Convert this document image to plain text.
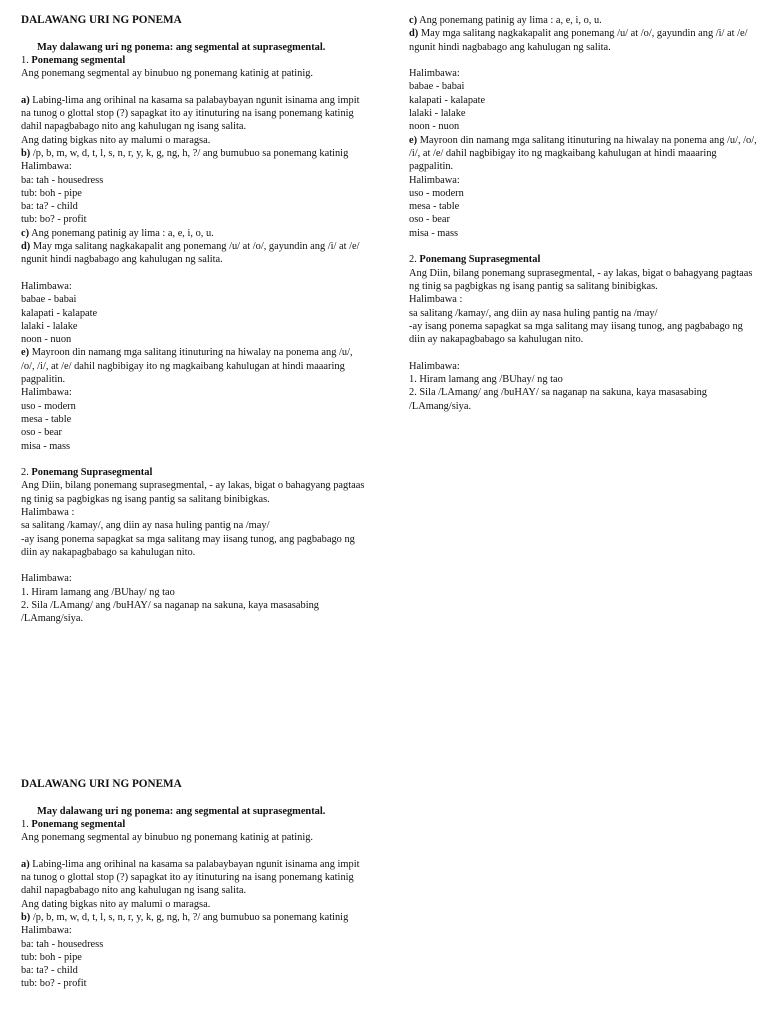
DALAWANG URI NG PONEMA
May dalawang uri ng ponema: ang segmental at suprasegmental.
1. Ponemang segmental
Ang ponemang segmental ay binubuo ng ponemang katinig at patinig.
a) Labing-lima ang orihinal na kasama sa palabaybayan ngunit isinama ang impit na tunog o glottal stop (?) sapagkat ito ay itinuturing na isang ponemang katinig dahil napagbabago nito ang kahulugan ng isang salita.
Ang dating bigkas nito ay malumi o maragsa.
b) /p, b, m, w, d, t, l, s, n, r, y, k, g, ng, h, ?/ ang bumubuo sa ponemang katinig
Halimbawa:
ba: tah - housedress
tub: boh - pipe
ba: ta? - child
tub: bo? - profit
c) Ang ponemang patinig ay lima : a, e, i, o, u.
d) May mga salitang nagkakapalit ang ponemang /u/ at /o/, gayundin ang /i/ at /e/ ngunit hindi nagbabago ang kahulugan ng salita.
Halimbawa:
babae - babai
kalapati - kalapate
lalaki - lalake
noon - nuon
e) Mayroon din namang mga salitang itinuturing na hiwalay na ponema ang /u/, /o/, /i/, at /e/ dahil nagbibigay ito ng magkaibang kahulugan at hindi maaaring pagpalitin.
Halimbawa:
uso - modern
mesa - table
oso - bear
misa - mass
2. Ponemang Suprasegmental
Ang Diin, bilang ponemang suprasegmental, - ay lakas, bigat o bahagyang pagtaas ng tinig sa pagbigkas ng isang pantig sa salitang binibigkas.
Halimbawa :
sa salitang /kamay/, ang diin ay nasa huling pantig na /may/
-ay isang ponema sapagkat sa mga salitang may iisang tunog, ang pagbabago ng diin ay nakapagbabago sa kahulugan nito.
Halimbawa:
1. Hiram lamang ang /BUhay/ ng tao
2. Sila /LAmang/ ang /buHAY/ sa naganap na sakuna, kaya masasabing /LAmang/siya.
c) Ang ponemang patinig ay lima : a, e, i, o, u.
d) May mga salitang nagkakapalit ang ponemang /u/ at /o/, gayundin ang /i/ at /e/ ngunit hindi nagbabago ang kahulugan ng salita.
Halimbawa:
babae - babai
kalapati - kalapate
lalaki - lalake
noon - nuon
e) Mayroon din namang mga salitang itinuturing na hiwalay na ponema ang /u/, /o/, /i/, at /e/ dahil nagbibigay ito ng magkaibang kahulugan at hindi maaaring pagpalitin.
Halimbawa:
uso - modern
mesa - table
oso - bear
misa - mass
2. Ponemang Suprasegmental
Ang Diin, bilang ponemang suprasegmental, - ay lakas, bigat o bahagyang pagtaas ng tinig sa pagbigkas ng isang pantig sa salitang binibigkas.
Halimbawa :
sa salitang /kamay/, ang diin ay nasa huling pantig na /may/
-ay isang ponema sapagkat sa mga salitang may iisang tunog, ang pagbabago ng diin ay nakapagbabago sa kahulugan nito.
Halimbawa:
1. Hiram lamang ang /BUhay/ ng tao
2. Sila /LAmang/ ang /buHAY/ sa naganap na sakuna, kaya masasabing /LAmang/siya.
DALAWANG URI NG PONEMA
May dalawang uri ng ponema: ang segmental at suprasegmental.
1. Ponemang segmental
Ang ponemang segmental ay binubuo ng ponemang katinig at patinig.
a) Labing-lima ang orihinal na kasama sa palabaybayan ngunit isinama ang impit na tunog o glottal stop (?) sapagkat ito ay itinuturing na isang ponemang katinig dahil napagbabago nito ang kahulugan ng isang salita.
Ang dating bigkas nito ay malumi o maragsa.
b) /p, b, m, w, d, t, l, s, n, r, y, k, g, ng, h, ?/ ang bumubuo sa ponemang katinig
Halimbawa:
ba: tah - housedress
tub: boh - pipe
ba: ta? - child
tub: bo? - profit
